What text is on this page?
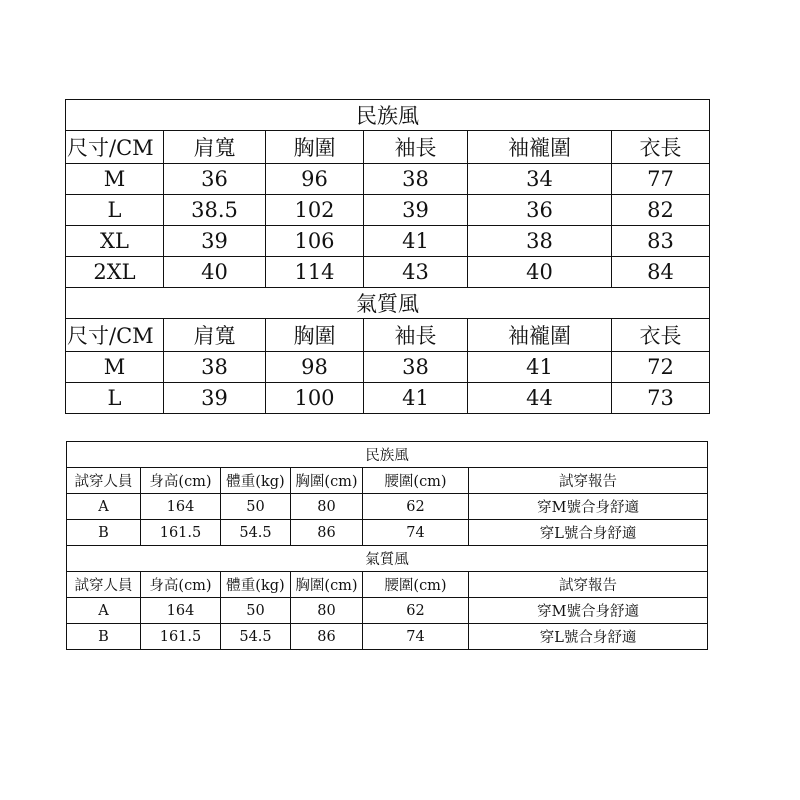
民族風					
尺寸/CM	肩寬	胸圍	袖長	袖襱圍	衣長
M	36	96	38	34	77
L	38.5	102	39	36	82
XL	39	106	41	38	83
2XL	40	114	43	40	84
氣質風					
尺寸/CM	肩寬	胸圍	袖長	袖襱圍	衣長
M	38	98	38	41	72
L	39	100	41	44	73
民族風					
試穿人員	身高(cm)	體重(kg)	胸圍(cm)	腰圍(cm)	試穿報告
A	164	50	80	62	穿M號合身舒適
B	161.5	54.5	86	74	穿L號合身舒適
氣質風					
試穿人員	身高(cm)	體重(kg)	胸圍(cm)	腰圍(cm)	試穿報告
A	164	50	80	62	穿M號合身舒適
B	161.5	54.5	86	74	穿L號合身舒適
